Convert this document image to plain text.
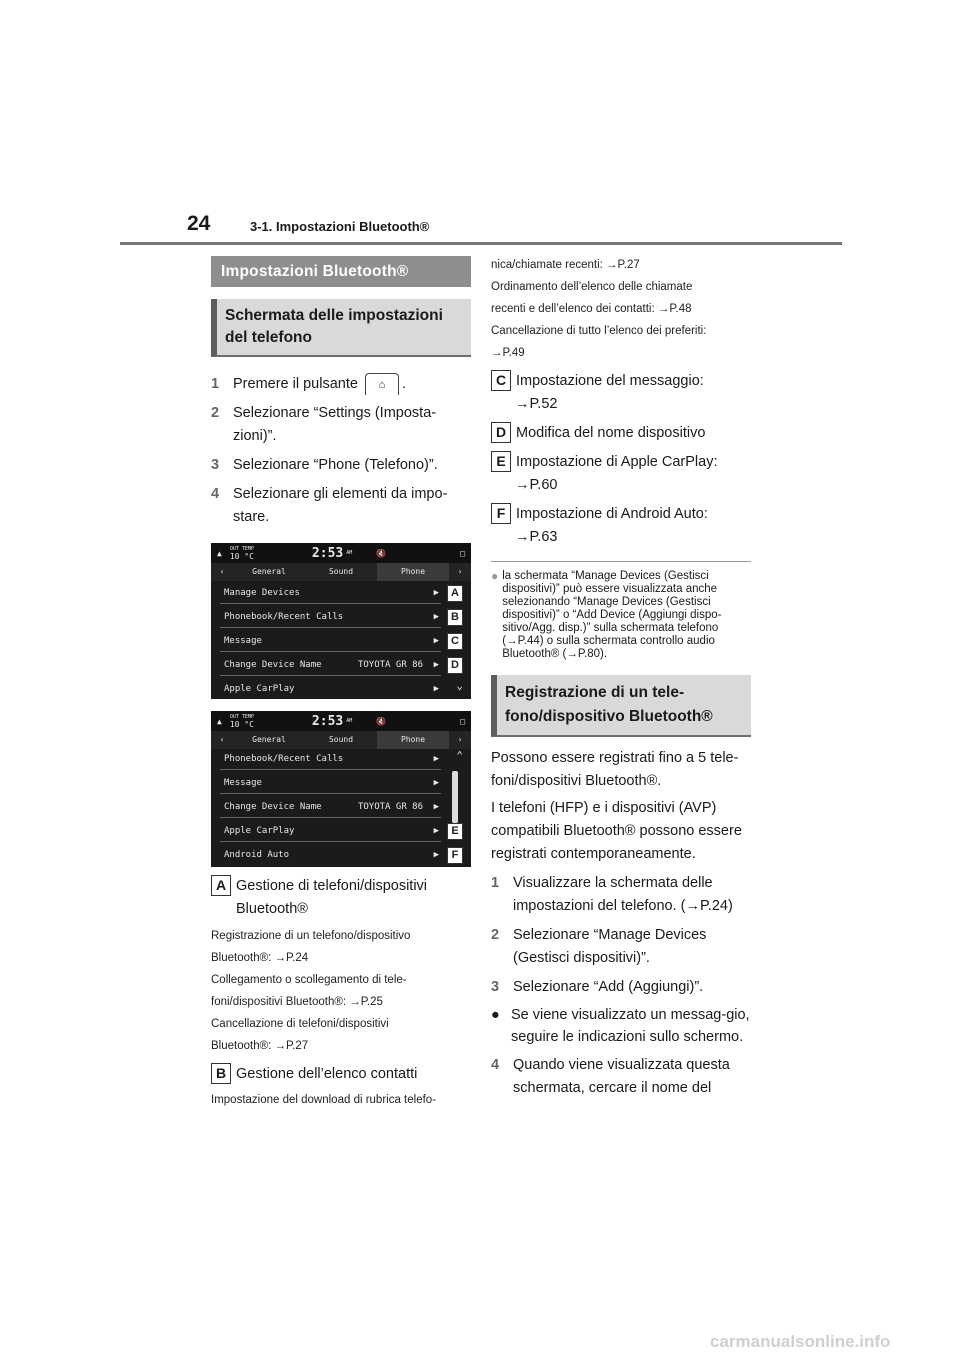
24	3-1. Impostazioni Bluetooth®
Impostazioni Bluetooth®
Schermata delle impostazioni del telefono
1 Premere il pulsante ⌂ .
2 Selezionare “Settings (Imposta-zioni)”.
3 Selezionare “Phone (Telefono)”.
4 Selezionare gli elementi da impo-stare.
▲ OUT TEMP
10 °C	2:53 AM	🔇	□
‹	General	Sound	Phone	›
Manage Devices	▶
Phonebook/Recent Calls	▶
Message	▶
Change Device Name	TOYOTA GR 86 ▶
Apple CarPlay	▶ ⌄
A
B
C
D
▲ OUT TEMP
10 °C	2:53 AM	🔇	□
‹	General	Sound	Phone	›
Phonebook/Recent Calls	▶
Message	▶
Change Device Name	TOYOTA GR 86 ▶
Apple CarPlay	▶
Android Auto	▶
⌃
E
F
A Gestione di telefoni/dispositivi Bluetooth®
Registrazione di un telefono/dispositivo
Bluetooth®: →P.24
Collegamento o scollegamento di tele-
foni/dispositivi Bluetooth®: →P.25
Cancellazione di telefoni/dispositivi
Bluetooth®: →P.27
B Gestione dell’elenco contatti
Impostazione del download di rubrica telefo-
nica/chiamate recenti: →P.27
Ordinamento dell’elenco delle chiamate
recenti e dell’elenco dei contatti: →P.48
Cancellazione di tutto l’elenco dei preferiti:
→P.49
C Impostazione del messaggio:
→P.52
D Modifica del nome dispositivo
E Impostazione di Apple CarPlay:
→P.60
F Impostazione di Android Auto:
→P.63
● la schermata “Manage Devices (Gestisci dispositivi)” può essere visualizzata anche selezionando “Manage Devices (Gestisci dispositivi)” o “Add Device (Aggiungi dispo-sitivo/Agg. disp.)” sulla schermata telefono (→P.44) o sulla schermata controllo audio Bluetooth® (→P.80).
Registrazione di un tele-fono/dispositivo Bluetooth®
Possono essere registrati fino a 5 tele-foni/dispositivi Bluetooth®.
I telefoni (HFP) e i dispositivi (AVP) compatibili Bluetooth® possono essere registrati contemporaneamente.
1 Visualizzare la schermata delle impostazioni del telefono. (→P.24)
2 Selezionare “Manage Devices (Gestisci dispositivi)”.
3 Selezionare “Add (Aggiungi)”.
● Se viene visualizzato un messag-gio, seguire le indicazioni sullo schermo.
4 Quando viene visualizzata questa schermata, cercare il nome del
carmanualsonline.info
